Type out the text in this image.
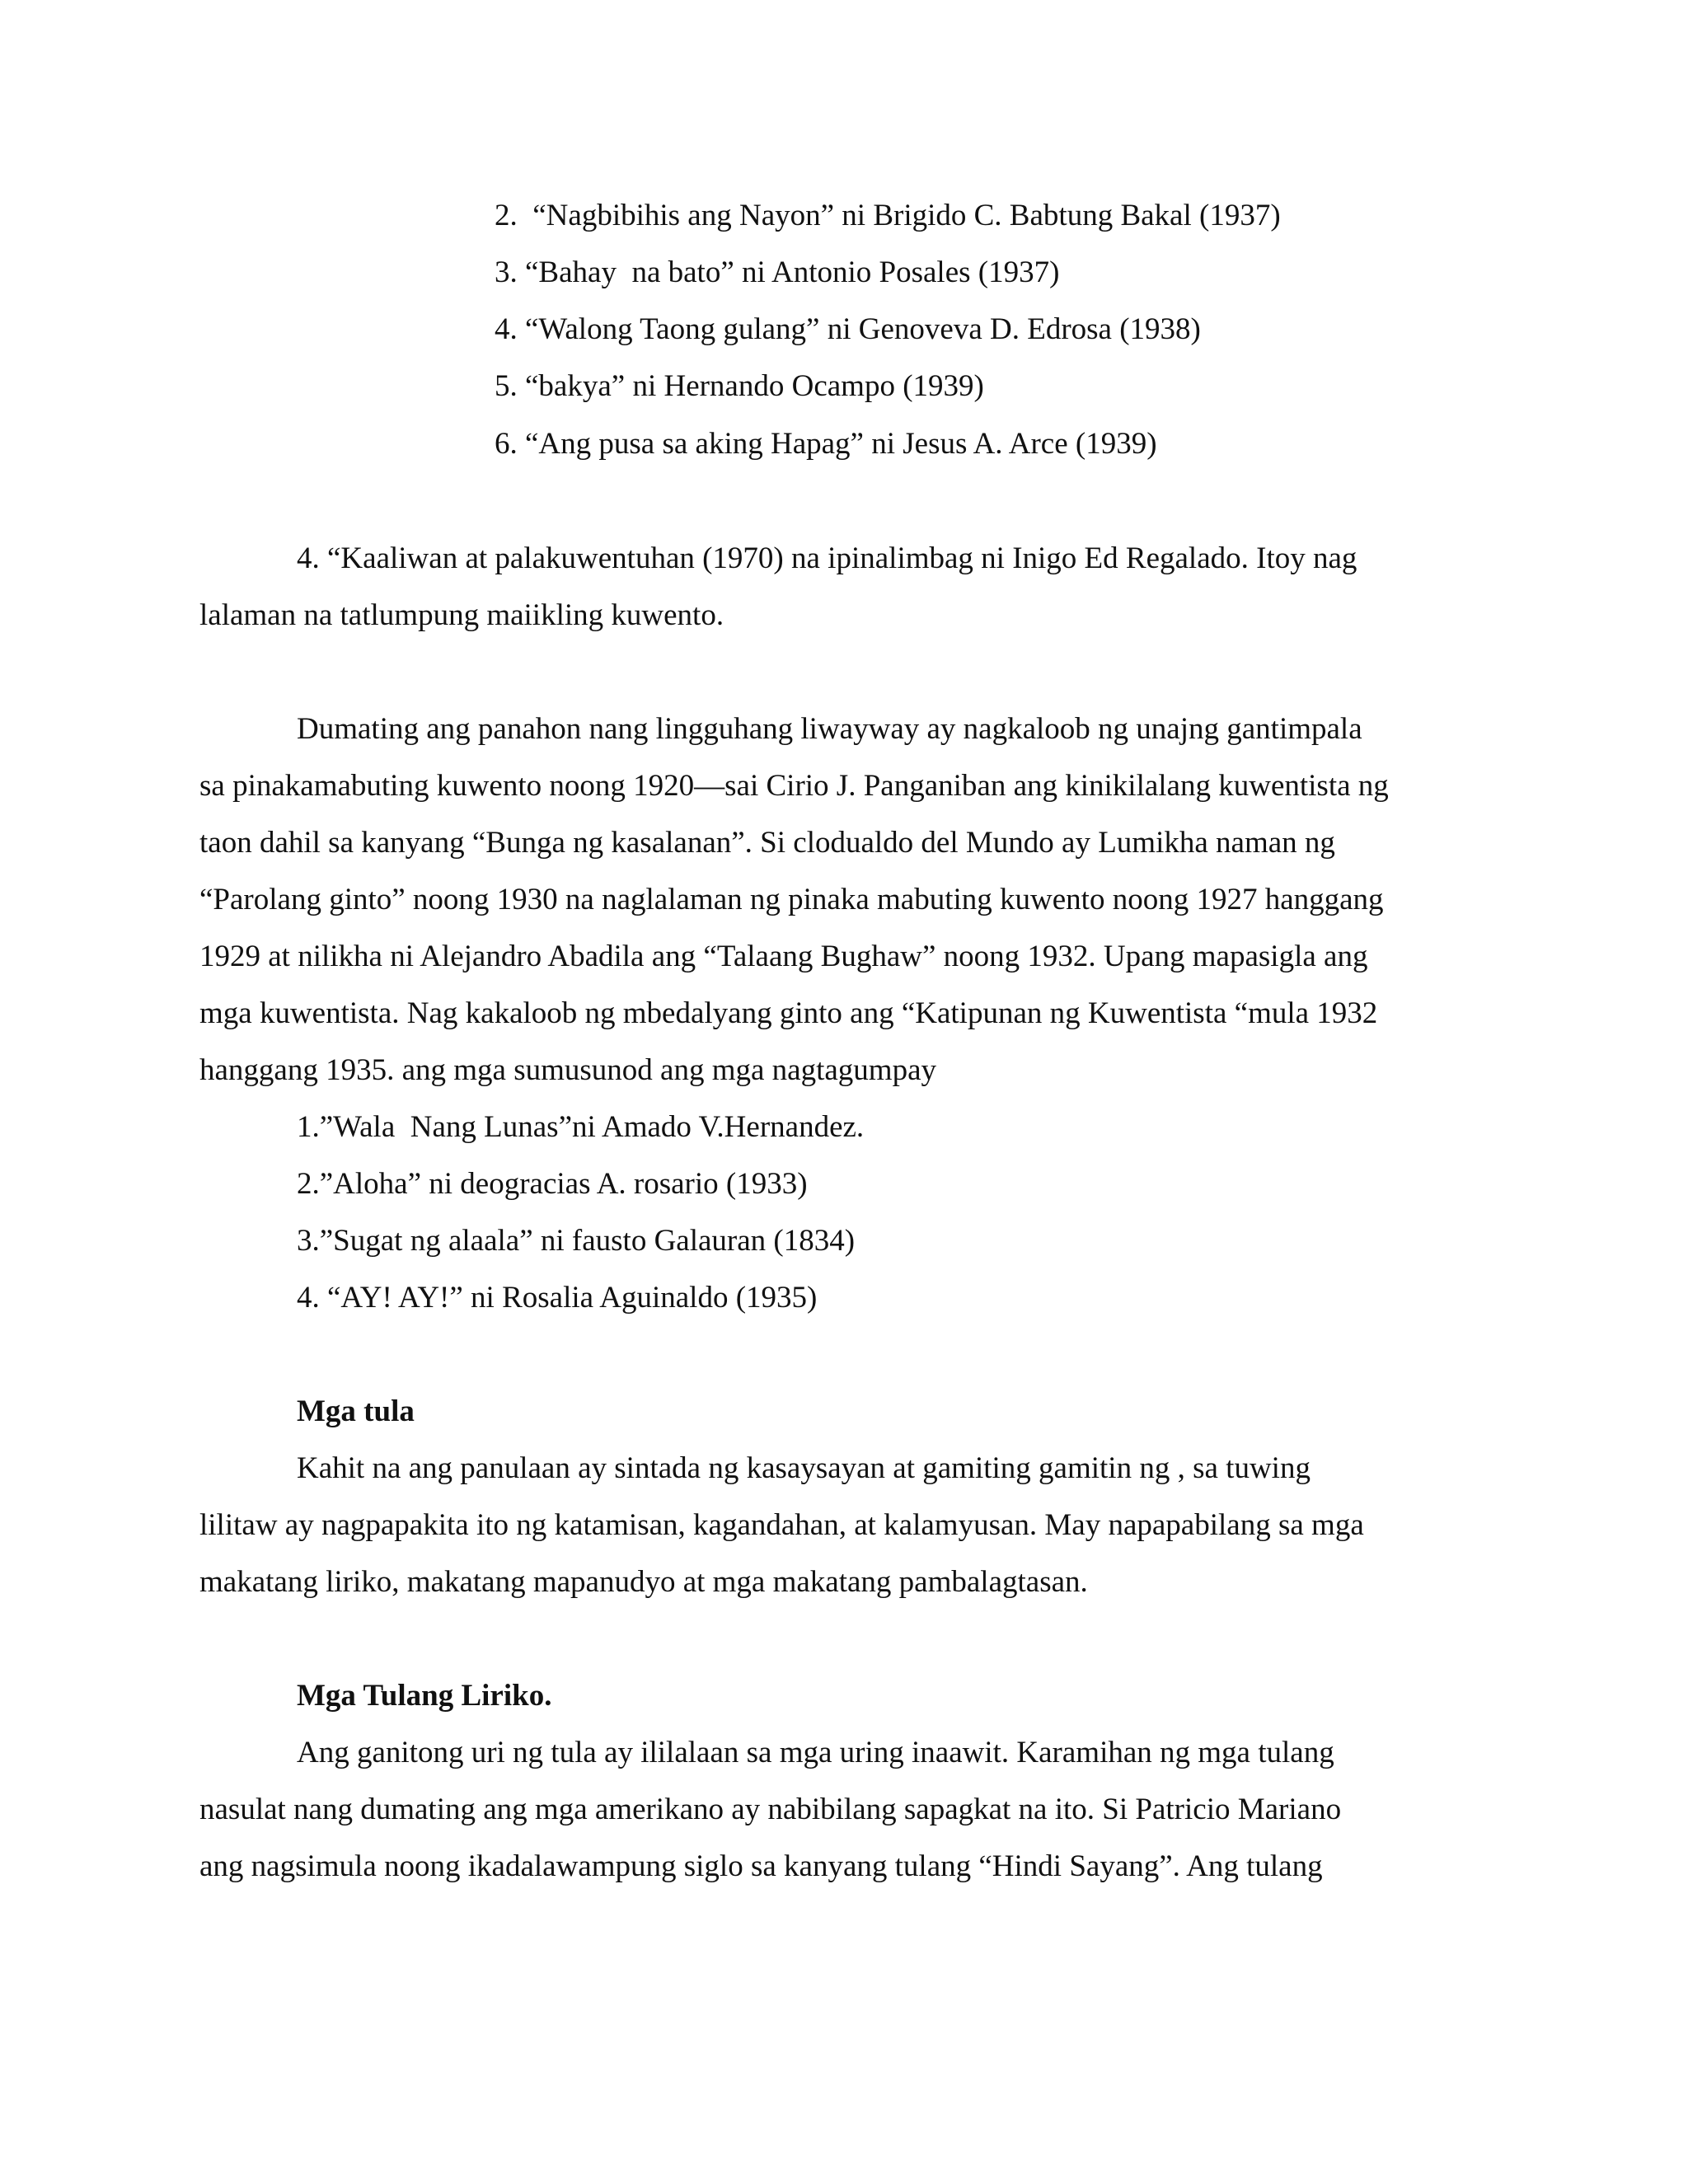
2.  “Nagbibihis ang Nayon” ni Brigido C. Babtung Bakal (1937)
3. “Bahay  na bato” ni Antonio Posales (1937)
4. “Walong Taong gulang” ni Genoveva D. Edrosa (1938)
5. “bakya” ni Hernando Ocampo (1939)
6. “Ang pusa sa aking Hapag” ni Jesus A. Arce (1939)
4. “Kaaliwan at palakuwentuhan (1970) na ipinalimbag ni Inigo Ed Regalado. Itoy nag
lalaman na tatlumpung maiikling kuwento.
Dumating ang panahon nang lingguhang liwayway ay nagkaloob ng unajng gantimpala
sa pinakamabuting kuwento noong 1920—sai Cirio J. Panganiban ang kinikilalang kuwentista ng
taon dahil sa kanyang “Bunga ng kasalanan”. Si clodualdo del Mundo ay Lumikha naman ng
“Parolang ginto” noong 1930 na naglalaman ng pinaka mabuting kuwento noong 1927 hanggang
1929 at nilikha ni Alejandro Abadila ang “Talaang Bughaw” noong 1932. Upang mapasigla ang
mga kuwentista. Nag kakaloob ng mbedalyang ginto ang “Katipunan ng Kuwentista “mula 1932
hanggang 1935. ang mga sumusunod ang mga nagtagumpay
1.”Wala  Nang Lunas”ni Amado V.Hernandez.
2.”Aloha” ni deogracias A. rosario (1933)
3.”Sugat ng alaala” ni fausto Galauran (1834)
4. “AY! AY!” ni Rosalia Aguinaldo (1935)
Mga tula
Kahit na ang panulaan ay sintada ng kasaysayan at gamiting gamitin ng , sa tuwing
lilitaw ay nagpapakita ito ng katamisan, kagandahan, at kalamyusan. May napapabilang sa mga
makatang liriko, makatang mapanudyo at mga makatang pambalagtasan.
Mga Tulang Liriko.
Ang ganitong uri ng tula ay ililalaan sa mga uring inaawit. Karamihan ng mga tulang
nasulat nang dumating ang mga amerikano ay nabibilang sapagkat na ito. Si Patricio Mariano
ang nagsimula noong ikadalawampung siglo sa kanyang tulang “Hindi Sayang”. Ang tulang
